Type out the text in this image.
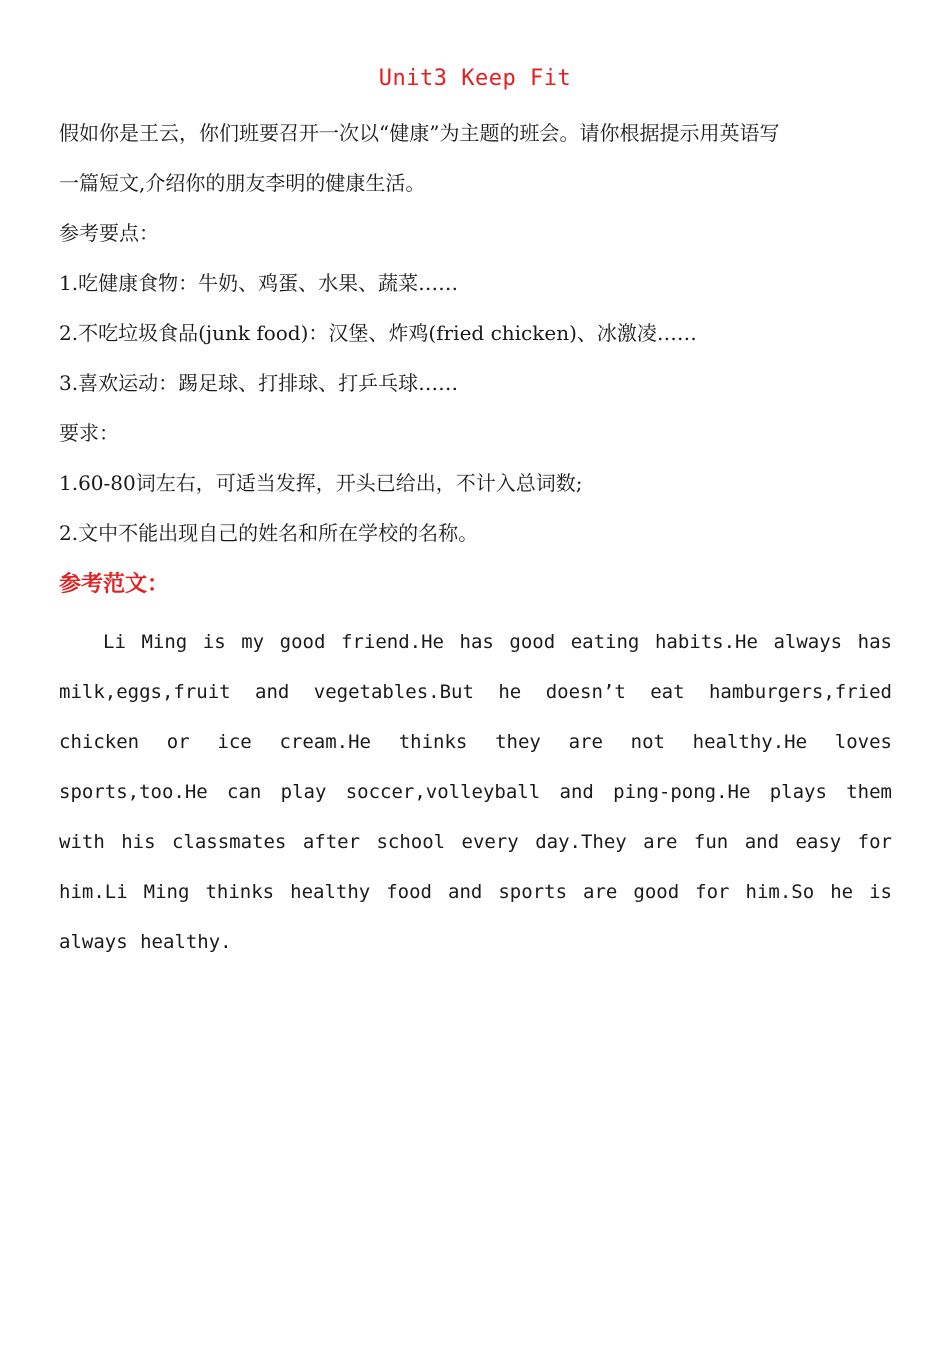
Unit3 Keep Fit
假如你是王云，你们班要召开一次以“健康”为主题的班会。请你根据提示用英语写
一篇短文,介绍你的朋友李明的健康生活。
参考要点：
1.吃健康食物：牛奶、鸡蛋、水果、蔬菜……
2.不吃垃圾食品(junk food)：汉堡、炸鸡(fried chicken)、冰激凌……
3.喜欢运动：踢足球、打排球、打乒乓球……
要求：
1.60-80词左右，可适当发挥，开头已给出，不计入总词数;
2.文中不能出现自己的姓名和所在学校的名称。
参考范文：
Li Ming is my good friend.He has good eating habits.He always has milk,eggs,fruit and vegetables.But he doesn’t eat hamburgers,fried chicken or ice cream.He thinks they are not healthy.He loves sports,too.He can play soccer,volleyball and ping-pong.He plays them with his classmates after school every day.They are fun and easy for him.Li Ming thinks healthy food and sports are good for him.So he is always healthy.
